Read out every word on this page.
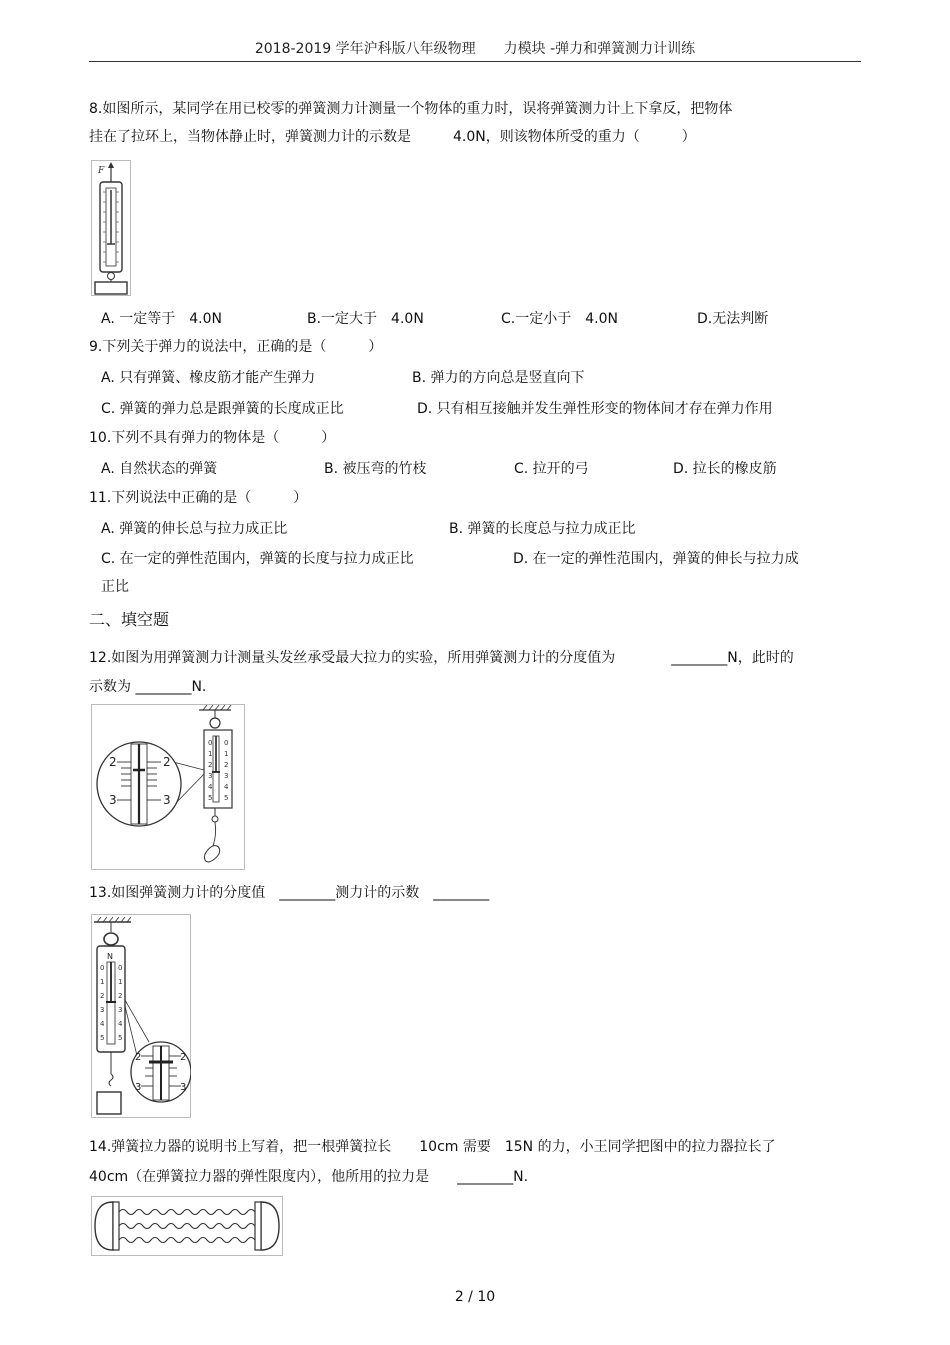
2018-2019 学年沪科版八年级物理　　力模块 -弹力和弹簧测力计训练
8.如图所示，某同学在用已校零的弹簧测力计测量一个物体的重力时，误将弹簧测力计上下拿反，把物体
挂在了拉环上，当物体静止时，弹簧测力计的示数是　　　4.0N，则该物体所受的重力（　　　）
F
A. 一定等于　4.0N	B.一定大于　4.0N	C.一定小于　4.0N	D.无法判断
9.下列关于弹力的说法中，正确的是（　　　）
A. 只有弹簧、橡皮筋才能产生弹力	B. 弹力的方向总是竖直向下
C. 弹簧的弹力总是跟弹簧的长度成正比	D. 只有相互接触并发生弹性形变的物体间才存在弹力作用
10.下列不具有弹力的物体是（　　　）
A. 自然状态的弹簧	B. 被压弯的竹枝	C. 拉开的弓	D. 拉长的橡皮筋
11.下列说法中正确的是（　　　）
A. 弹簧的伸长总与拉力成正比	B. 弹簧的长度总与拉力成正比
C. 在一定的弹性范围内，弹簧的长度与拉力成正比	D. 在一定的弹性范围内，弹簧的伸长与拉力成
正比
二、填空题
12.如图为用弹簧测力计测量头发丝承受最大拉力的实验，所用弹簧测力计的分度值为　　　　________N，此时的
示数为 ________N.
0
1
2
3
4
5
0
1
2
3
4
5
2	2
3	3
13.如图弹簧测力计的分度值　________测力计的示数　________
N
0
1
2
3
4
5
0
1
2
3
4
5
2	2
3	3
14.弹簧拉力器的说明书上写着，把一根弹簧拉长　　10cm 需要　15N 的力，小王同学把图中的拉力器拉长了
40cm（在弹簧拉力器的弹性限度内），他所用的拉力是　　________N.
2 / 10
